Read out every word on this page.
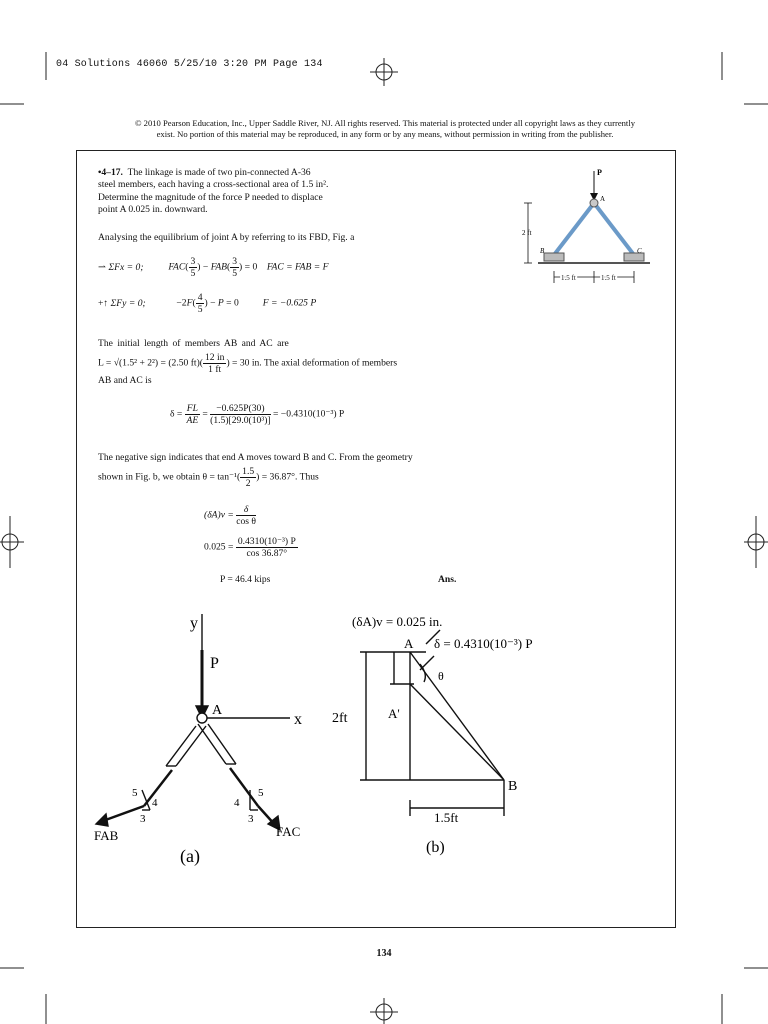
04 Solutions 46060 5/25/10 3:20 PM Page 134
© 2010 Pearson Education, Inc., Upper Saddle River, NJ. All rights reserved. This material is protected under all copyright laws as they currently
exist. No portion of this material may be reproduced, in any form or by any means, without permission in writing from the publisher.
•4–17. The linkage is made of two pin-connected A-36
steel members, each having a cross-sectional area of 1.5 in².
Determine the magnitude of the force P needed to displace
point A 0.025 in. downward.
P
A
B	C
2 ft
1.5 ft	1.5 ft
Analysing the equilibrium of joint A by referring to its FBD, Fig. a
⇀ ΣFx = 0;	$FAC( \frac{3}{5}$ ) − $FAB( \frac{3}{5}$ ) = 0    FAC = FAB = F
+↑ ΣFy = 0;	$-2F( \frac{4}{5}$ ) − P = 0          F = −0.625 P
The initial length of members AB and AC are
L = √(1.5² + 2²) = (2.50 $ft)( \frac{12 in}{1 ft}$ ) = 30 in. The axial deformation of members
AB and AC is
$\delta = \frac{FL}{AE} = \frac{-0.625P(30)}{\text{(1.5)[29.0(10³)]}} = -0.4310(10^{-3})$ P
The negative sign indicates that end A moves toward B and C. From the geometry
shown in Fig. b, we obtain $\theta = \tan^{-1}( \frac{1.5}{2}$ ) = 36.87°. Thus
$(\delta A)v = \frac{\delta}{\text{cos θ}}$
$0.025 = \frac{\text{0.4310(10⁻³) P}}{\cos 36.87^\circ}$
P = 46.4 kips	Ans.
y
P
A
x
5
4
3
5
4
3
FAB	FAC
(a)
(δA)v = 0.025 in.
A δ = 0.4310(10⁻³) P
θ
A'
2ft
B
1.5ft
(b)
134
